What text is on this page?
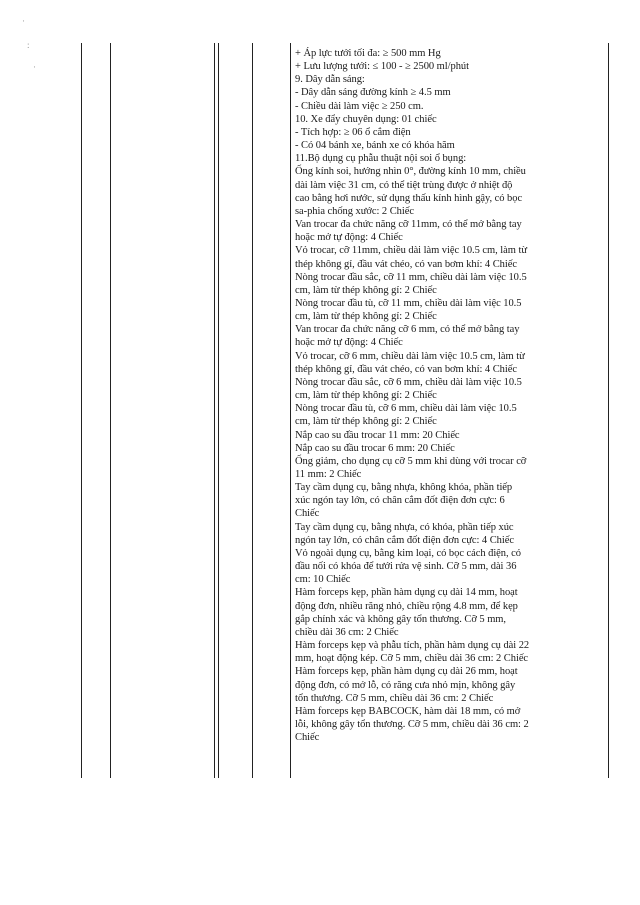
·
:
·
+ Áp lực tưới tối đa: ≥ 500 mm Hg
+ Lưu lượng tưới: ≤ 100 - ≥ 2500 ml/phút
9. Dây dẫn sáng:
- Dây dẫn sáng đường kính ≥ 4.5 mm
- Chiều dài làm việc ≥ 250 cm.
10. Xe đẩy chuyên dụng: 01 chiếc
- Tích hợp: ≥ 06 ổ cắm điện
- Có 04 bánh xe, bánh xe có khóa hãm
11.Bộ dụng cụ phẫu thuật nội soi ổ bụng:
Ống kính soi, hướng nhìn 0°, đường kính 10 mm, chiều
dài làm việc 31 cm, có thể tiệt trùng được ở nhiệt độ
cao bằng hơi nước, sử dụng thấu kính hình gậy, có bọc
sa-phia chống xước: 2 Chiếc
Van trocar đa chức năng cỡ 11mm, có thể mở bằng tay
hoặc mở tự động: 4 Chiếc
Vỏ trocar, cỡ 11mm, chiều dài làm việc 10.5 cm, làm từ
thép không gỉ, đầu vát chéo, có van bơm khí: 4 Chiếc
Nòng trocar đầu sắc, cỡ 11 mm, chiều dài làm việc 10.5
cm, làm từ thép không gỉ: 2 Chiếc
Nòng trocar đầu tù, cỡ 11 mm, chiều dài làm việc 10.5
cm, làm từ thép không gỉ: 2 Chiếc
Van trocar đa chức năng cỡ 6 mm, có thể mở bằng tay
hoặc mở tự động: 4 Chiếc
Vỏ trocar, cỡ 6 mm, chiều dài làm việc 10.5 cm, làm từ
thép không gỉ, đầu vát chéo, có van bơm khí: 4 Chiếc
Nòng trocar đầu sắc, cỡ 6 mm, chiều dài làm việc 10.5
cm, làm từ thép không gỉ: 2 Chiếc
Nòng trocar đầu tù, cỡ 6 mm, chiều dài làm việc 10.5
cm, làm từ thép không gỉ: 2 Chiếc
Nắp cao su đầu trocar 11 mm: 20 Chiếc
Nắp cao su đầu trocar 6 mm: 20 Chiếc
Ống giảm, cho dụng cụ cỡ 5 mm khi dùng với trocar cỡ
11 mm: 2 Chiếc
Tay cầm dụng cụ, bằng nhựa, không khóa, phần tiếp
xúc ngón tay lớn, có chân cắm đốt điện đơn cực: 6
Chiếc
Tay cầm dụng cụ, bằng nhựa, có khóa, phần tiếp xúc
ngón tay lớn, có chân cắm đốt điện đơn cực: 4 Chiếc
Vỏ ngoài dụng cụ, bằng kim loại, có bọc cách điện, có
đầu nối có khóa để tưới rửa vệ sinh. Cỡ 5 mm, dài 36
cm: 10 Chiếc
Hàm forceps kẹp, phần hàm dụng cụ dài 14 mm, hoạt
động đơn, nhiều răng nhỏ, chiều rộng 4.8 mm, để kẹp
gắp chính xác và không gây tổn thương. Cỡ 5 mm,
chiều dài 36 cm: 2 Chiếc
Hàm forceps kẹp và phẫu tích, phần hàm dụng cụ dài 22
mm, hoạt động kép. Cỡ 5 mm, chiều dài 36 cm: 2 Chiếc
Hàm forceps kẹp, phần hàm dụng cụ dài 26 mm, hoạt
động đơn, có mở lỗ, có răng cưa nhỏ mịn, không gây
tổn thương. Cỡ 5 mm, chiều dài 36 cm: 2 Chiếc
Hàm forceps kẹp BABCOCK, hàm dài 18 mm, có mở
lỗi, không gây tổn thương. Cỡ 5 mm, chiều dài 36 cm: 2
Chiếc
